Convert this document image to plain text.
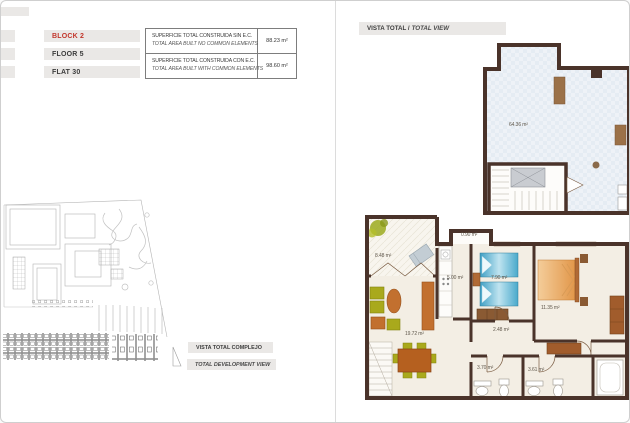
BLOCK 2
FLOOR 5
FLAT 30
SUPERFICIE TOTAL CONSTRUIDA SIN E.C.
TOTAL AREA BUILT NO COMMON ELEMENTS	88.23 m²
SUPERFICIE TOTAL CONSTRUIDA CON E.C.
TOTAL AREA BUILT WITH COMMON ELEMENTS 98.60 m²
VISTA TOTAL / TOTAL VIEW
VISTA TOTAL COMPLEJO
TOTAL DEVELOPMENT VIEW
64.36 m²
8.48 m²
0.90 m²
5.00 m²	7.90 m²
11.35 m²
19.72 m²
2.48 m²
3.70 m²	3.61 m²
